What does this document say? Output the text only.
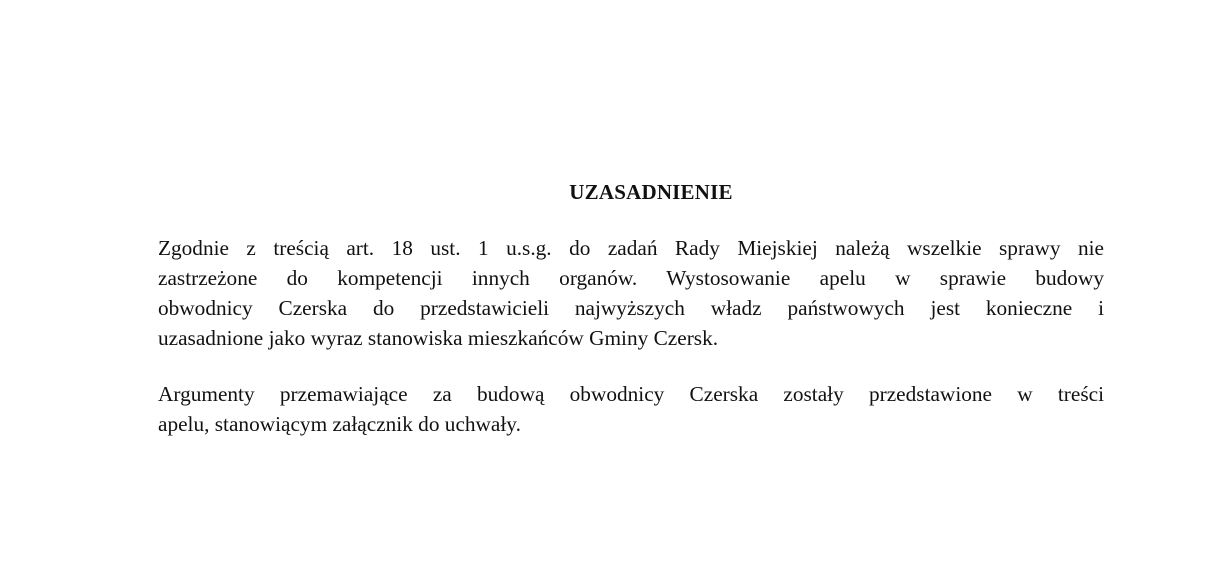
UZASADNIENIE

Zgodnie z treścią art. 18 ust. 1 u.s.g. do zadań Rady Miejskiej należą wszelkie sprawy nie
zastrzeżone do kompetencji innych organów. Wystosowanie apelu w sprawie budowy
obwodnicy Czerska do przedstawicieli najwyższych władz państwowych jest konieczne i
uzasadnione jako wyraz stanowiska mieszkańców Gminy Czersk.

Argumenty przemawiające za budową obwodnicy Czerska zostały przedstawione w treści
apelu, stanowiącym załącznik do uchwały.
